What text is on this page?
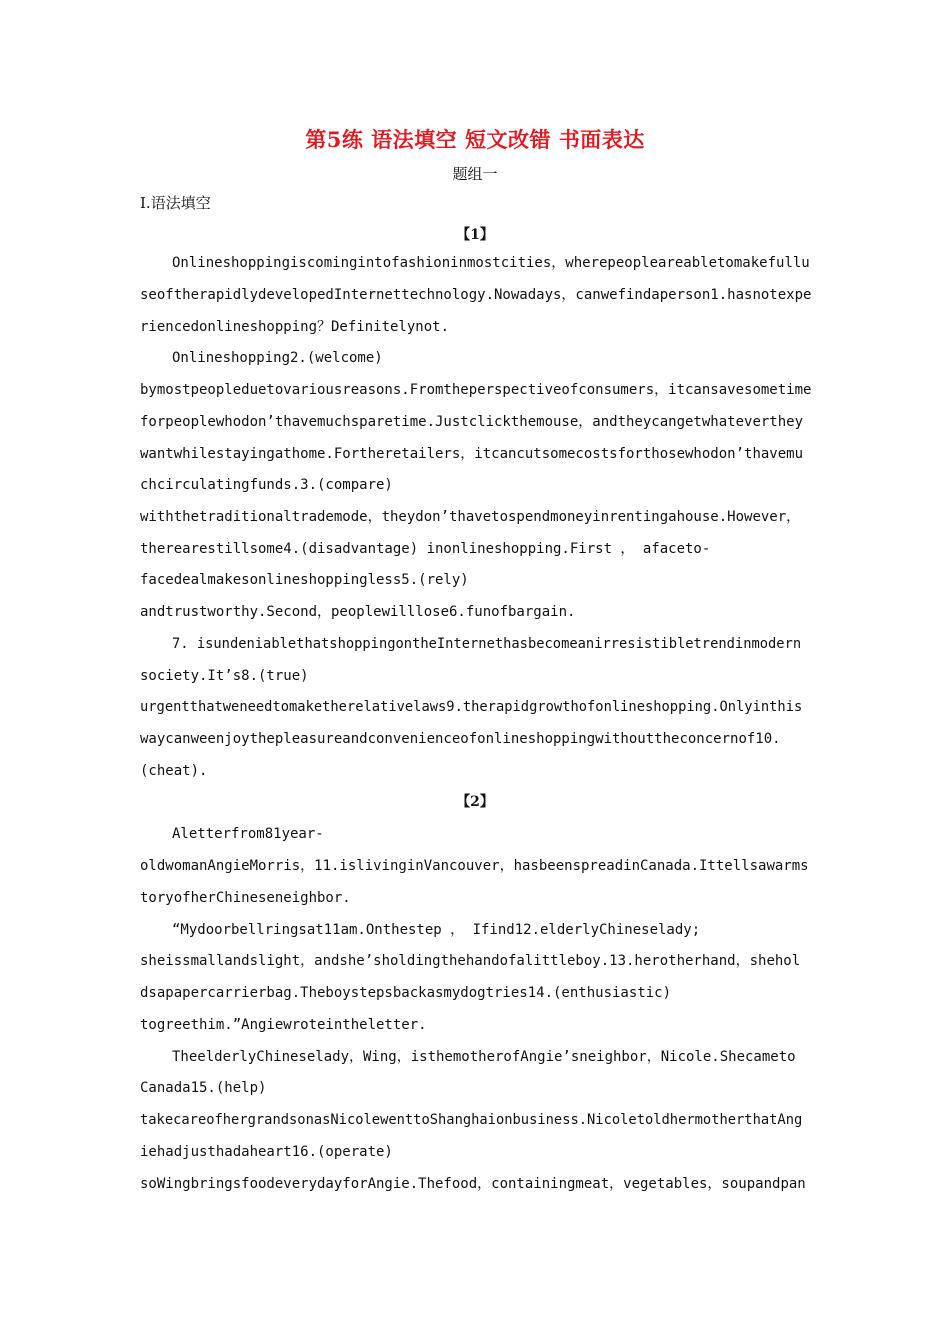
第5练 语法填空 短文改错 书面表达
题组一
Ⅰ.语法填空
【1】
Onlineshoppingiscomingintofashioninmostcities，wherepeopleareabletomakefullu
seoftherapidlydevelopedInternettechnology.Nowadays，canwefindaperson1.hasnotexpe
riencedonlineshopping？Definitelynot.
Onlineshopping2.(welcome)
bymostpeopleduetovariousreasons.Fromtheperspectiveofconsumers，itcansavesometime
forpeoplewhodon’thavemuchsparetime.Justclickthemouse，andtheycangetwhateverthey
wantwhilestayingathome.Fortheretailers，itcancutsomecostsforthosewhodon’thavemu
chcirculatingfunds.3.(compare)
withthetraditionaltrademode，theydon’thavetospendmoneyinrentingahouse.However，
therearestillsome4.(disadvantage) inonlineshopping.First ， afaceto-
facedealmakesonlineshoppingless5.(rely)
andtrustworthy.Second，peoplewilllose6.funofbargain.
7. isundeniablethatshoppingontheInternethasbecomeanirresistibletrendinmodern
society.It’s8.(true)
urgentthatweneedtomaketherelativelaws9.therapidgrowthofonlineshopping.Onlyinthis
waycanweenjoythepleasureandconvenienceofonlineshoppingwithouttheconcernof10.
(cheat).
【2】
Aletterfrom81year-
oldwomanAngieMorris，11.islivinginVancouver，hasbeenspreadinCanada.Ittellsawarms
toryofherChineseneighbor.
“Mydoorbellringsat11am.Onthestep ， Ifind12.elderlyChineselady;
sheissmallandslight，andshe’sholdingthehandofalittleboy.13.herotherhand，shehol
dsapapercarrierbag.Theboystepsbackasmydogtries14.(enthusiastic)
togreethim.”Angiewroteintheletter.
TheelderlyChineselady，Wing，isthemotherofAngie’sneighbor，Nicole.Shecameto
Canada15.(help)
takecareofhergrandsonasNicolewenttoShanghaionbusiness.NicoletoldhermotherthatAng
iehadjusthadaheart16.(operate)
soWingbringsfoodeverydayforAngie.Thefood，containingmeat，vegetables，soupandpan
